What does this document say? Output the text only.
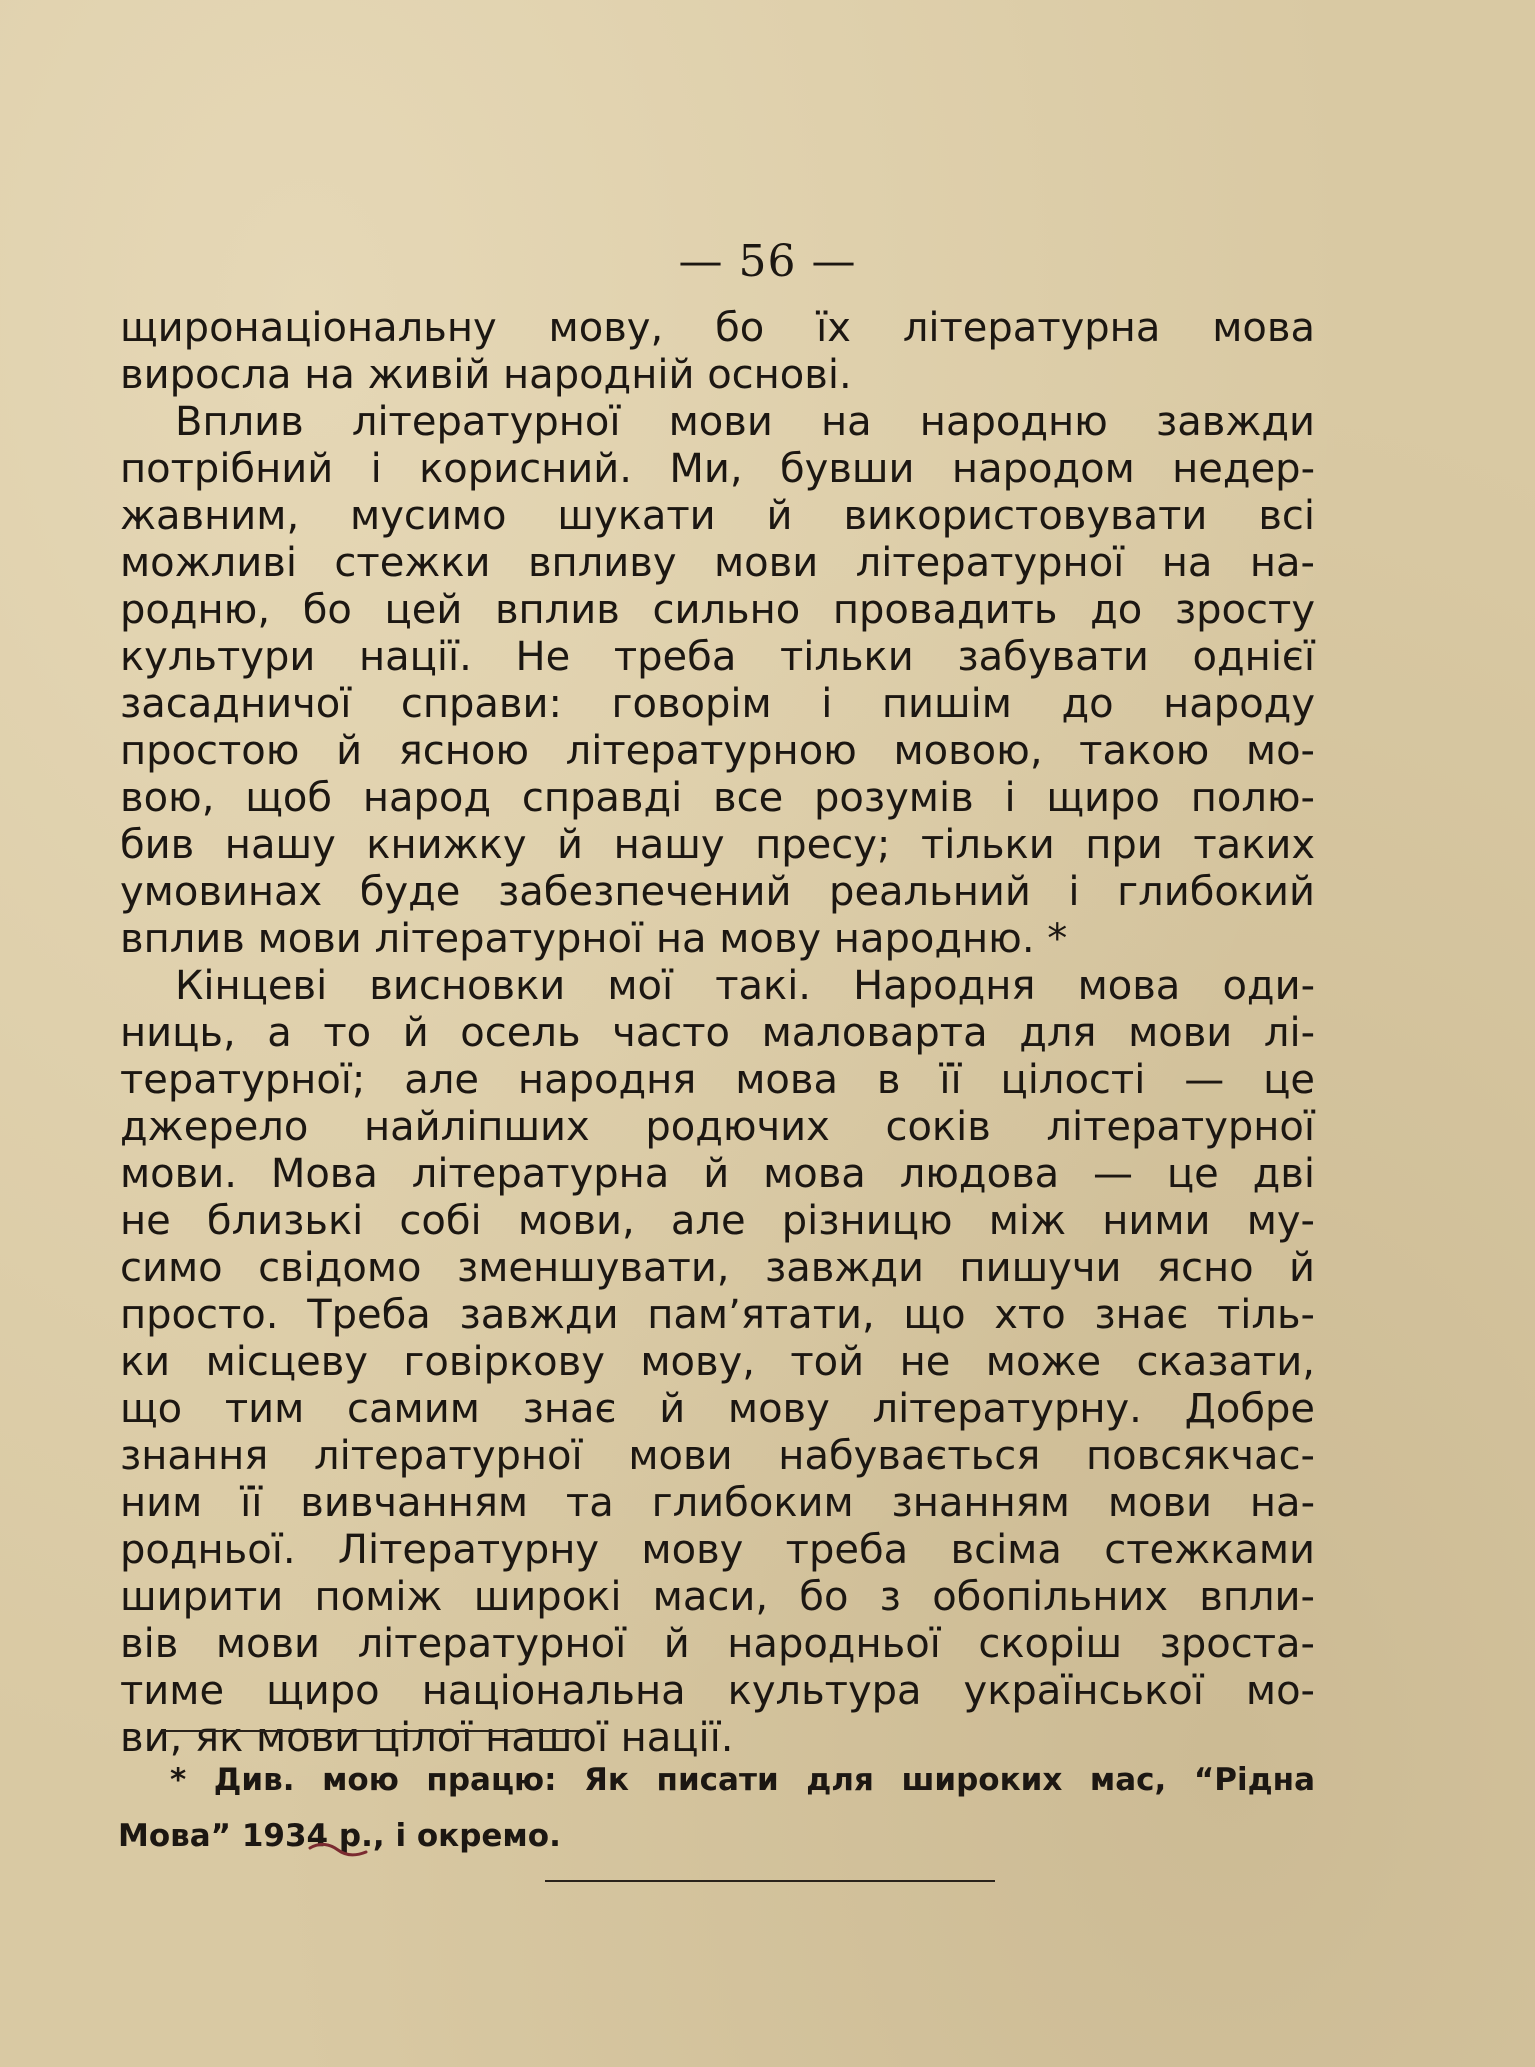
— 56 —
щиронаціональну мову, бо їх літературна мова
виросла на живій народній основі.
Вплив літературної мови на народню завжди
потрібний і корисний. Ми, бувши народом недер-
жавним, мусимо шукати й використовувати всі
можливі стежки впливу мови літературної на на-
родню, бо цей вплив сильно провадить до зросту
культури нації. Не треба тільки забувати однієї
засадничої справи: говорім і пишім до народу
простою й ясною літературною мовою, такою мо-
вою, щоб народ справді все розумів і щиро полю-
бив нашу книжку й нашу пресу; тільки при таких
умовинах буде забезпечений реальний і глибокий
вплив мови літературної на мову народню. *
Кінцеві висновки мої такі. Народня мова оди-
ниць, а то й осель часто маловарта для мови лі-
тературної; але народня мова в її цілості — це
джерело найліпших родючих соків літературної
мови. Мова літературна й мова людова — це дві
не близькі собі мови, але різницю між ними му-
симо свідомо зменшувати, завжди пишучи ясно й
просто. Треба завжди пам’ятати, що хто знає тіль-
ки місцеву говіркову мову, той не може сказати,
що тим самим знає й мову літературну. Добре
знання літературної мови набувається повсякчас-
ним її вивчанням та глибоким знанням мови на-
родньої. Літературну мову треба всіма стежками
ширити поміж широкі маси, бо з обопільних впли-
вів мови літературної й народньої скоріш зроста-
тиме щиро національна культура української мо-
ви, як мови цілої нашої нації.
* Див. мою працю: Як писати для широких мас, “Рідна
Мова” 1934 р., і окремо.
